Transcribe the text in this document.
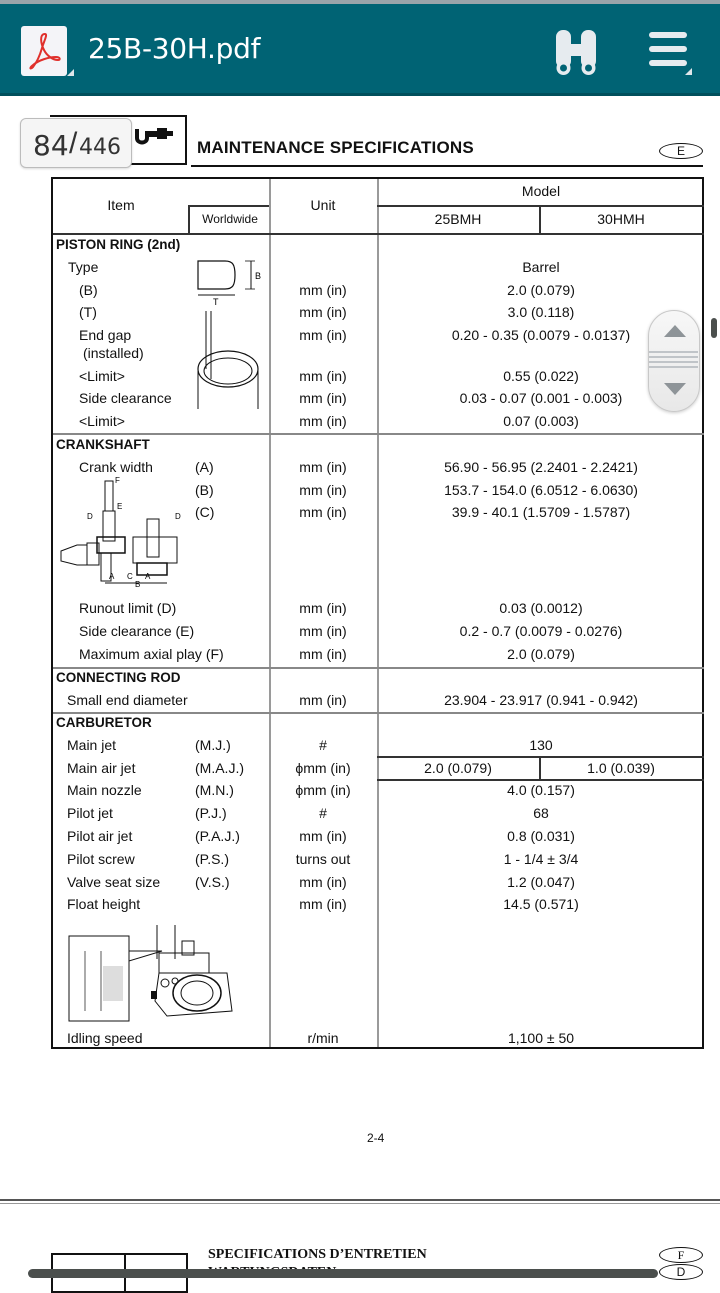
25B-30H.pdf
MAINTENANCE SPECIFICATIONS	E
Item
Worldwide
Unit
Model
25BMH	30HMH
PISTON RING (2nd)
Type	Barrel
(B)	mm (in)	2.0 (0.079)
(T)	mm (in)	3.0 (0.118)
End gap	mm (in)	0.20 - 0.35 (0.0079 - 0.0137)
(installed)
<Limit>	mm (in)	0.55 (0.022)
Side clearance	mm (in)	0.03 - 0.07 (0.001 - 0.003)
<Limit>	mm (in)	0.07 (0.003)
B
T
CRANKSHAFT
Crank width	(A)	mm (in)	56.90 - 56.95 (2.2401 - 2.2421)
(B)	mm (in)	153.7 - 154.0 (6.0512 - 6.0630)
(C)	mm (in)	39.9 - 40.1 (1.5709 - 1.5787)
F
E
D	D
A C A
B
Runout limit (D)	mm (in)	0.03 (0.0012)
Side clearance (E)	mm (in)	0.2 - 0.7 (0.0079 - 0.0276)
Maximum axial play (F)	mm (in)	2.0 (0.079)
CONNECTING ROD
Small end diameter	mm (in)	23.904 - 23.917 (0.941 - 0.942)
CARBURETOR
Main jet	(M.J.)	#	130
Main air jet	(M.A.J.)	ϕmm (in)	2.0 (0.079)	1.0 (0.039)
Main nozzle	(M.N.)	ϕmm (in)	4.0 (0.157)
Pilot jet	(P.J.)	#	68
Pilot air jet	(P.A.J.)	mm (in)	0.8 (0.031)
Pilot screw	(P.S.)	turns out	1 - 1/4 ± 3/4
Valve seat size (V.S.)	mm (in)	1.2 (0.047)
Float height	mm (in)	14.5 (0.571)
Idling speed	r/min	1,100 ± 50
2-4
84 / 446
SPECIFICATIONS D’ENTRETIEN	F
D
